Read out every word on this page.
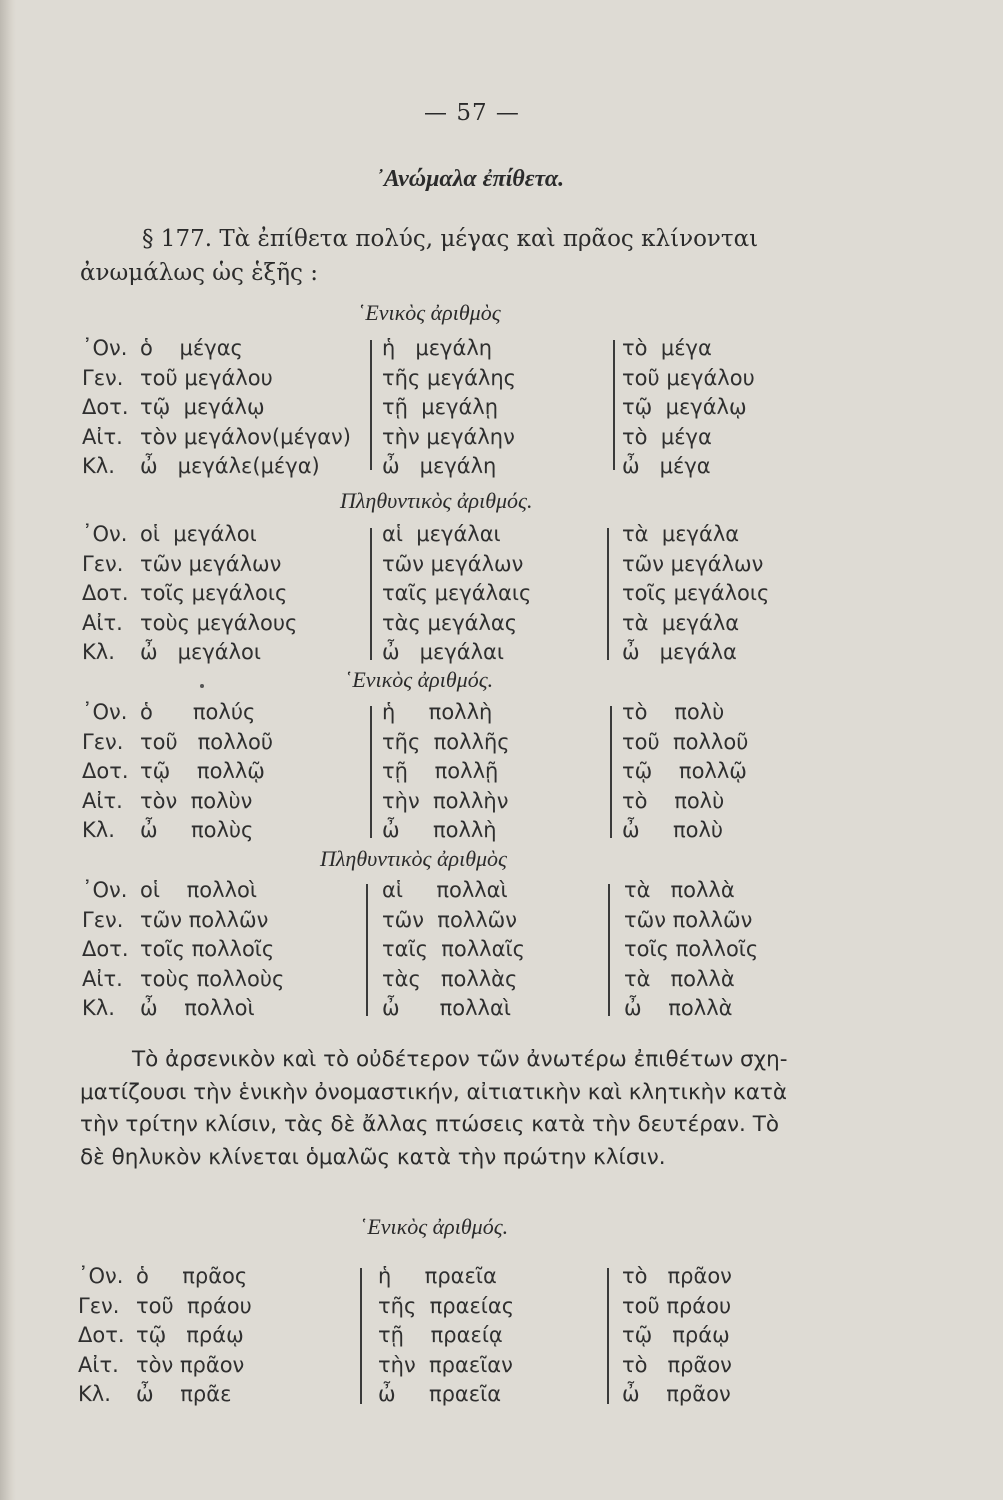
— 57 —
᾿Ανώμαλα ἐπίθετα.

§ 177. Τὰ ἐπίθετα πολύς, μέγας καὶ πρᾶος κλίνονται

ἀνωμάλως ὡς ἑξῆς :

῾Ενικὸς ἀριθμὸς
᾿Ον. ὁ    μέγας
Γεν. τοῦ μεγάλου
Δοτ. τῷ  μεγάλῳ
Αἰτ. τὸν μεγάλον(μέγαν)
Κλ. ὦ   μεγάλε(μέγα)
ἡ   μεγάλη
τῆς μεγάλης
τῇ  μεγάλῃ
τὴν μεγάλην
ὦ   μεγάλη
τὸ  μέγα
τοῦ μεγάλου
τῷ  μεγάλῳ
τὸ  μέγα
ὦ   μέγα
Πληθυντικὸς ἀριθμός.
᾿Ον. οἱ  μεγάλοι
Γεν. τῶν μεγάλων
Δοτ. τοῖς μεγάλοις
Αἰτ. τοὺς μεγάλους
Κλ. ὦ   μεγάλοι
αἱ  μεγάλαι
τῶν μεγάλων
ταῖς μεγάλαις
τὰς μεγάλας
ὦ   μεγάλαι
τὰ  μεγάλα
τῶν μεγάλων
τοῖς μεγάλοις
τὰ  μεγάλα
ὦ   μεγάλα
῾Ενικὸς ἀριθμός.
᾿Ον. ὁ      πολύς
Γεν. τοῦ   πολλοῦ
Δοτ. τῷ    πολλῷ
Αἰτ. τὸν  πολὺν
Κλ. ὦ     πολὺς
ἡ     πολλὴ
τῆς  πολλῆς
τῇ    πολλῇ
τὴν  πολλὴν
ὦ     πολλὴ
τὸ    πολὺ
τοῦ  πολλοῦ
τῷ    πολλῷ
τὸ    πολὺ
ὦ     πολὺ
Πληθυντικὸς ἀριθμὸς
᾿Ον. οἱ    πολλοὶ
Γεν. τῶν πολλῶν
Δοτ. τοῖς πολλοῖς
Αἰτ. τοὺς πολλοὺς
Κλ. ὦ    πολλοὶ
αἱ     πολλαὶ
τῶν  πολλῶν
ταῖς  πολλαῖς
τὰς   πολλὰς
ὦ      πολλαὶ
τὰ   πολλὰ
τῶν πολλῶν
τοῖς πολλοῖς
τὰ   πολλὰ
ὦ    πολλὰ

Τὸ ἀρσενικὸν καὶ τὸ οὐδέτερον τῶν ἀνωτέρω ἐπιθέτων σχη-

ματίζουσι τὴν ἑνικὴν ὀνομαστικήν, αἰτιατικὴν καὶ κλητικὴν κατὰ

τὴν τρίτην κλίσιν, τὰς δὲ ἄλλας πτώσεις κατὰ τὴν δευτέραν. Τὸ

δὲ θηλυκὸν κλίνεται ὁμαλῶς κατὰ τὴν πρώτην κλίσιν.

῾Ενικὸς ἀριθμός.
᾿Ον. ὁ     πρᾶος
Γεν. τοῦ  πράου
Δοτ. τῷ   πράῳ
Αἰτ. τὸν πρᾶον
Κλ. ὦ    πρᾶε
ἡ     πραεῖα
τῆς  πραείας
τῇ    πραείᾳ
τὴν  πραεῖαν
ὦ     πραεῖα
τὸ   πρᾶον
τοῦ πράου
τῷ   πράῳ
τὸ   πρᾶον
ὦ    πρᾶον
